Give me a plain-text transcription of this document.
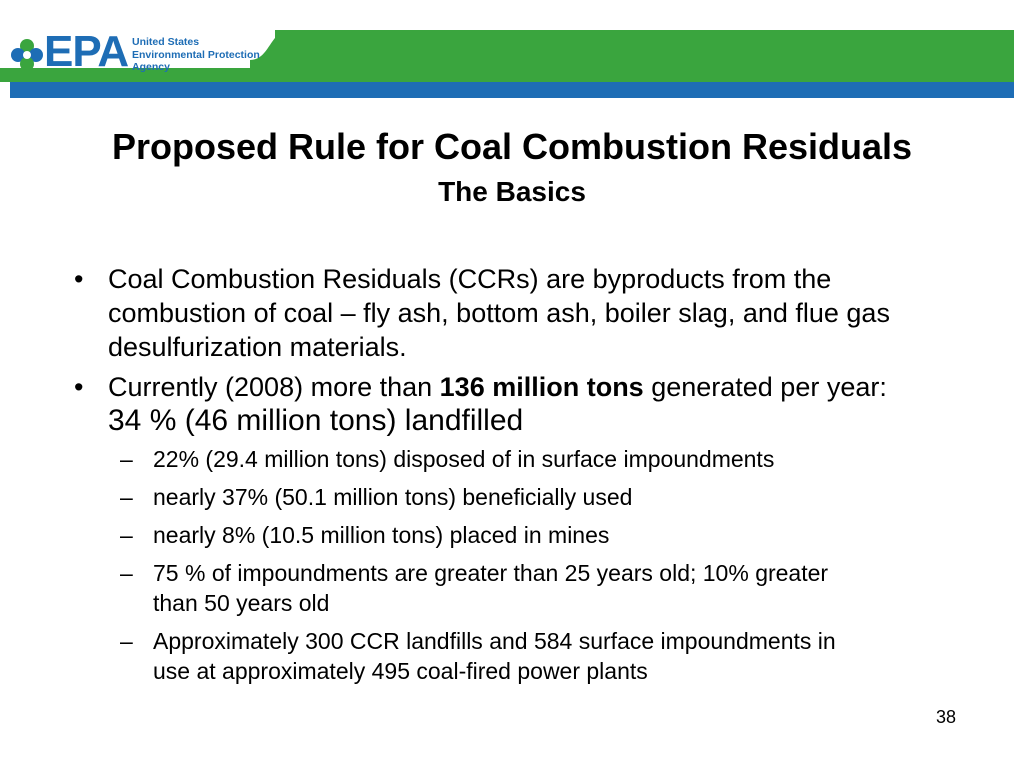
EPA United States
Environmental Protection
Agency
Proposed Rule for Coal Combustion Residuals
The Basics
• Coal Combustion Residuals (CCRs) are byproducts from the combustion of coal – fly ash, bottom ash, boiler slag, and flue gas desulfurization materials.
• Currently (2008) more than 136 million tons generated per year: 34 % (46 million tons) landfilled
– 22% (29.4 million tons) disposed of in surface impoundments
– nearly 37% (50.1 million tons) beneficially used
– nearly 8% (10.5 million tons) placed in mines
– 75 % of impoundments are greater than 25 years old; 10% greater than 50 years old
– Approximately 300 CCR landfills and 584 surface impoundments in use at approximately 495 coal-fired power plants
38
